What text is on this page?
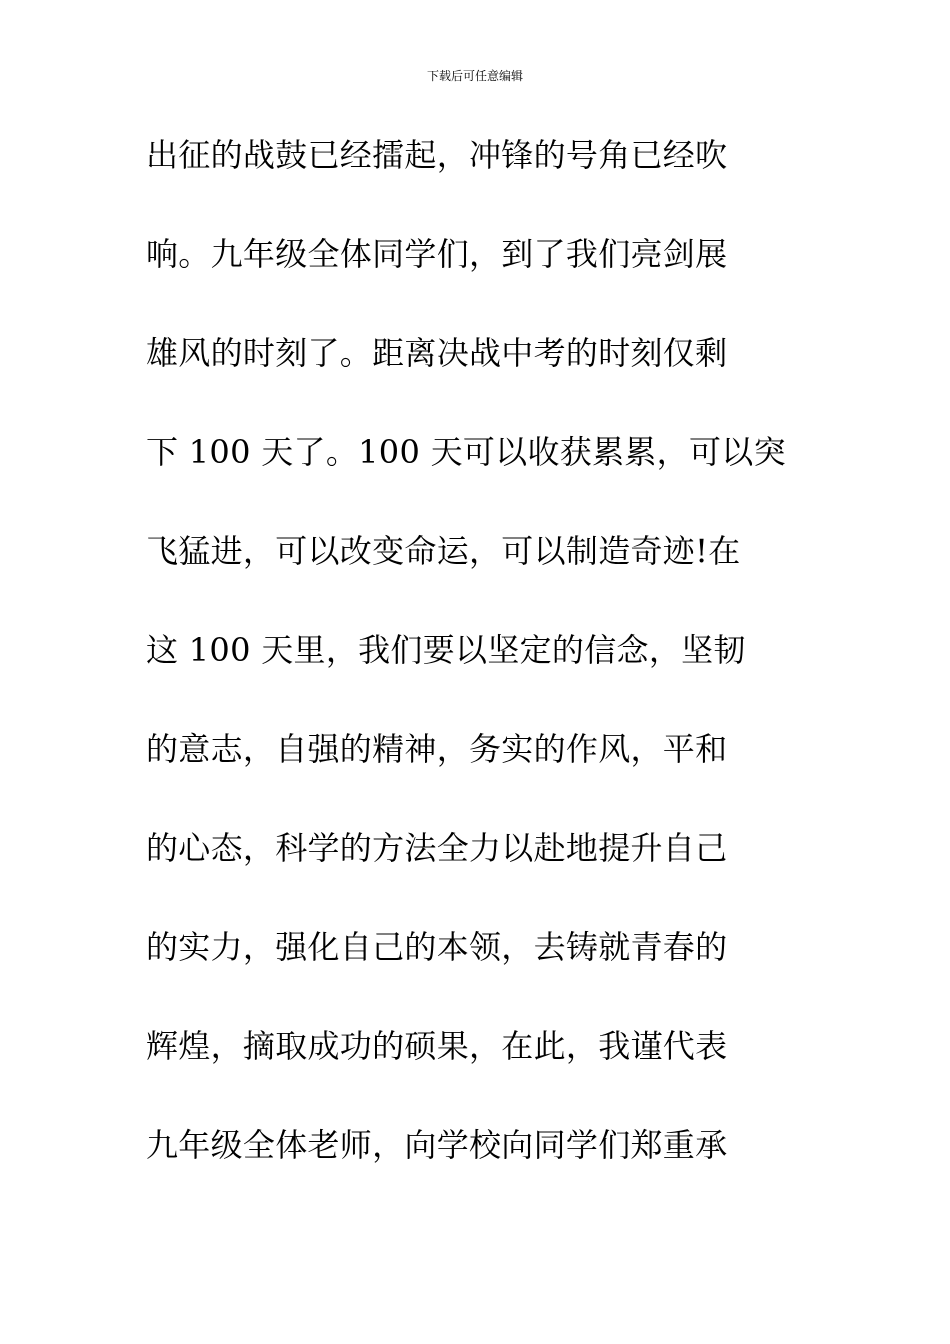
下载后可任意编辑
出征的战鼓已经擂起，冲锋的号角已经吹
响。九年级全体同学们，到了我们亮剑展
雄风的时刻了。距离决战中考的时刻仅剩
下 100 天了。100 天可以收获累累，可以突
飞猛进，可以改变命运，可以制造奇迹!在
这 100 天里，我们要以坚定的信念，坚韧
的意志，自强的精神，务实的作风，平和
的心态，科学的方法全力以赴地提升自己
的实力，强化自己的本领，去铸就青春的
辉煌，摘取成功的硕果，在此，我谨代表
九年级全体老师，向学校向同学们郑重承
